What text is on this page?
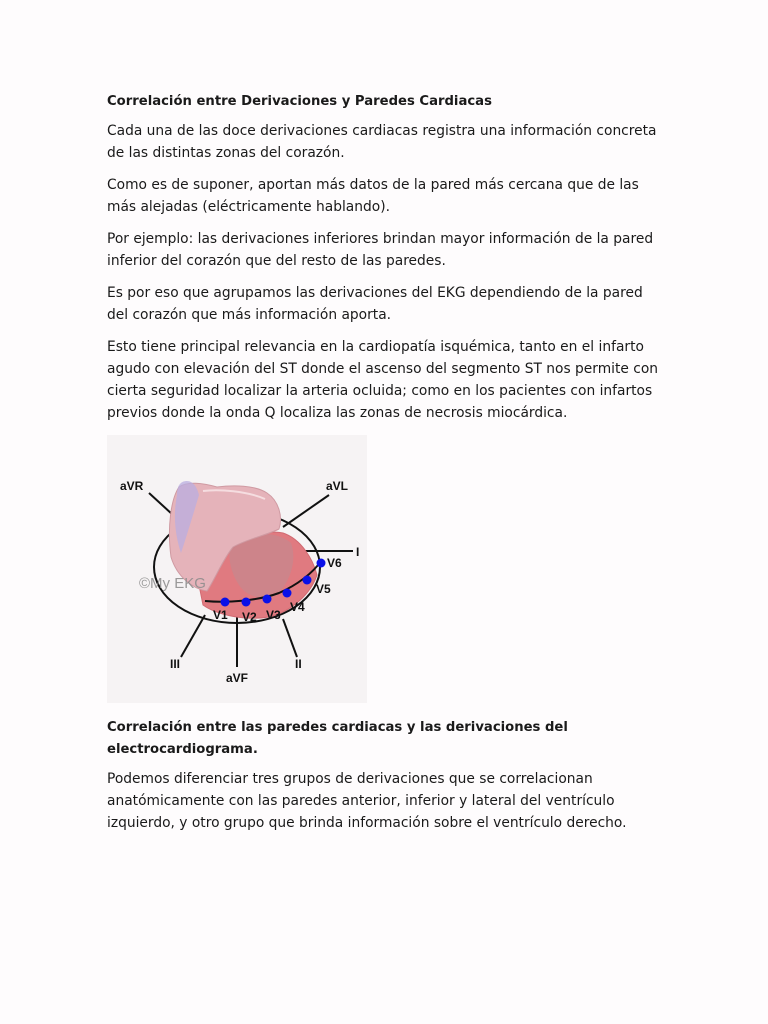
Correlación entre Derivaciones y Paredes Cardiacas

Cada una de las doce derivaciones cardiacas registra una información concreta de las distintas zonas del corazón.

Como es de suponer, aportan más datos de la pared más cercana que de las más alejadas (eléctricamente hablando).

Por ejemplo: las derivaciones inferiores brindan mayor información de la pared inferior del corazón que del resto de las paredes.

Es por eso que agrupamos las derivaciones del EKG dependiendo de la pared del corazón que más información aporta.

Esto tiene principal relevancia en la cardiopatía isquémica, tanto en el infarto agudo con elevación del ST donde el ascenso del segmento ST nos permite con cierta seguridad localizar la arteria ocluida; como en los pacientes con infartos previos donde la onda Q localiza las zonas de necrosis miocárdica.

©My EKG
aVR	aVL
I
II
III
aVF
V1 V2 V3
V4
V5
V6
Correlación entre las paredes cardiacas y las derivaciones del electrocardiograma.

Podemos diferenciar tres grupos de derivaciones que se correlacionan anatómicamente con las paredes anterior, inferior y lateral del ventrículo izquierdo, y otro grupo que brinda información sobre el ventrículo derecho.
